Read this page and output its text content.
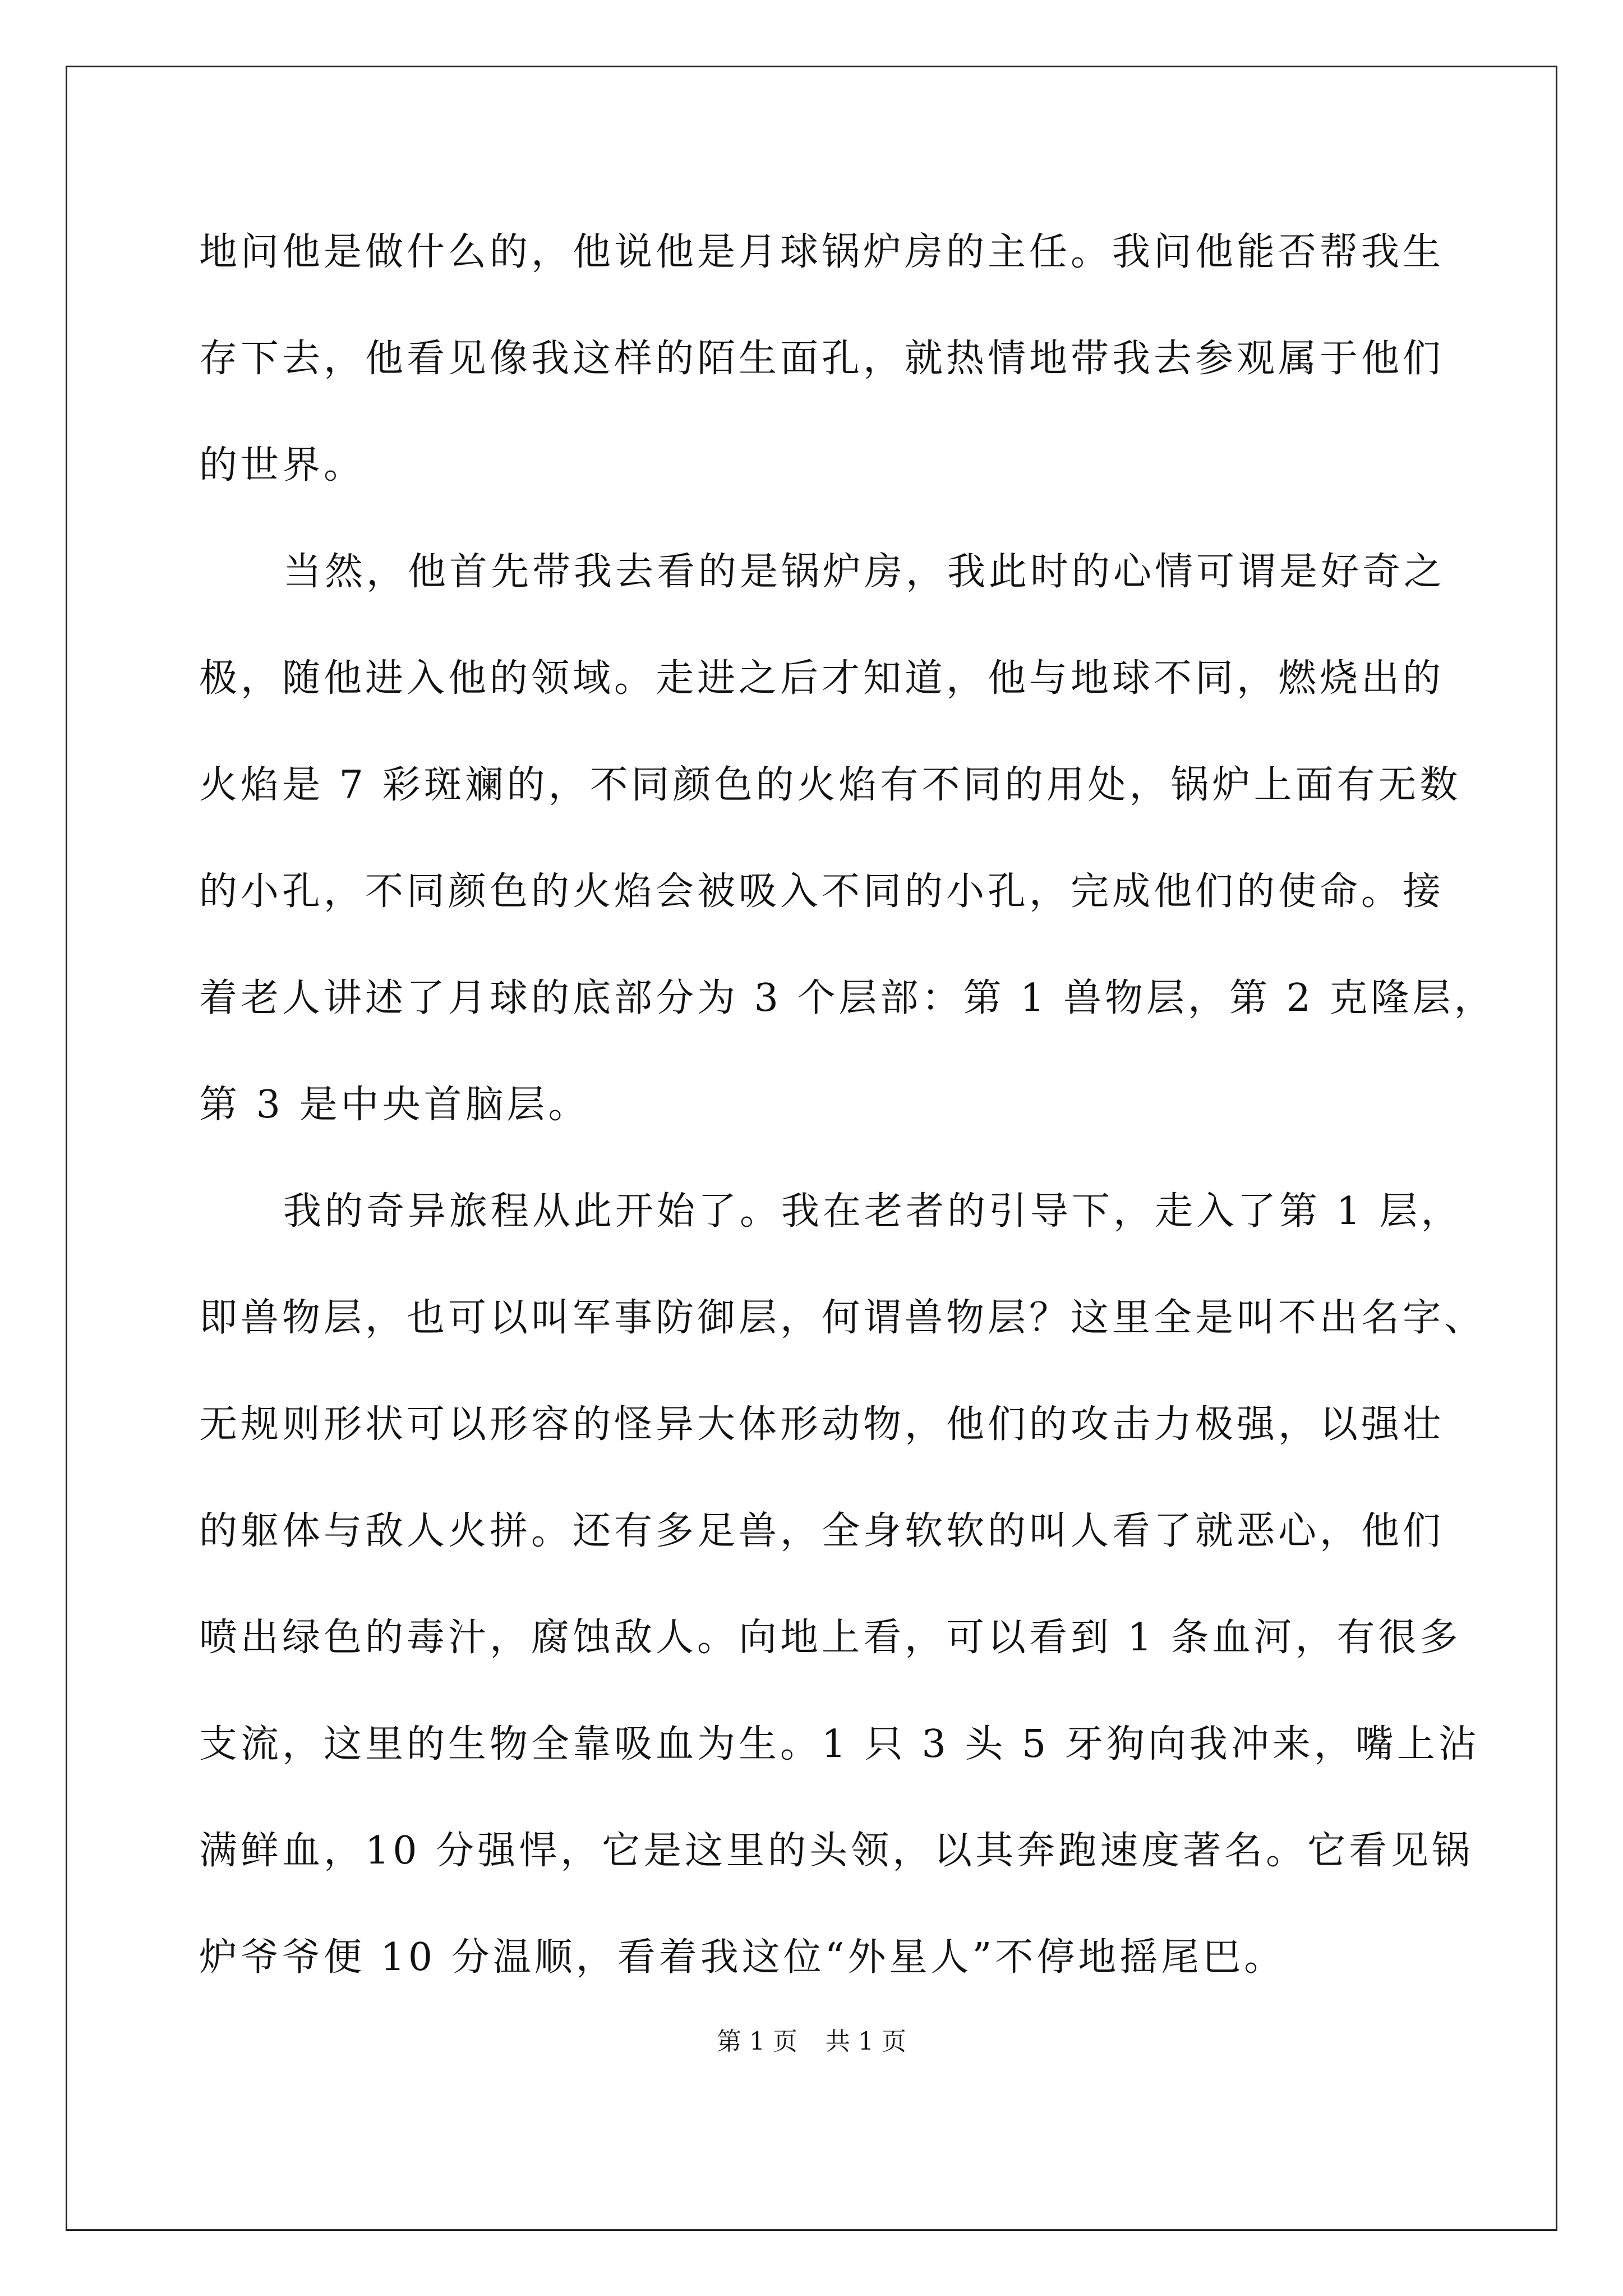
地问他是做什么的，他说他是月球锅炉房的主任。我问他能否帮我生
存下去，他看见像我这样的陌生面孔，就热情地带我去参观属于他们
的世界。
当然，他首先带我去看的是锅炉房，我此时的心情可谓是好奇之
极，随他进入他的领域。走进之后才知道，他与地球不同，燃烧出的
火焰是 7 彩斑斓的，不同颜色的火焰有不同的用处，锅炉上面有无数
的小孔，不同颜色的火焰会被吸入不同的小孔，完成他们的使命。接
着老人讲述了月球的底部分为 3 个层部：第 1 兽物层，第 2 克隆层，
第 3 是中央首脑层。
我的奇异旅程从此开始了。我在老者的引导下，走入了第 1 层，
即兽物层，也可以叫军事防御层，何谓兽物层？这里全是叫不出名字、
无规则形状可以形容的怪异大体形动物，他们的攻击力极强，以强壮
的躯体与敌人火拼。还有多足兽，全身软软的叫人看了就恶心，他们
喷出绿色的毒汁，腐蚀敌人。向地上看，可以看到 1 条血河，有很多
支流，这里的生物全靠吸血为生。1 只 3 头 5 牙狗向我冲来，嘴上沾
满鲜血，10 分强悍，它是这里的头领，以其奔跑速度著名。它看见锅
炉爷爷便 10 分温顺，看着我这位“外星人”不停地摇尾巴。
第 1 页 共 1 页
